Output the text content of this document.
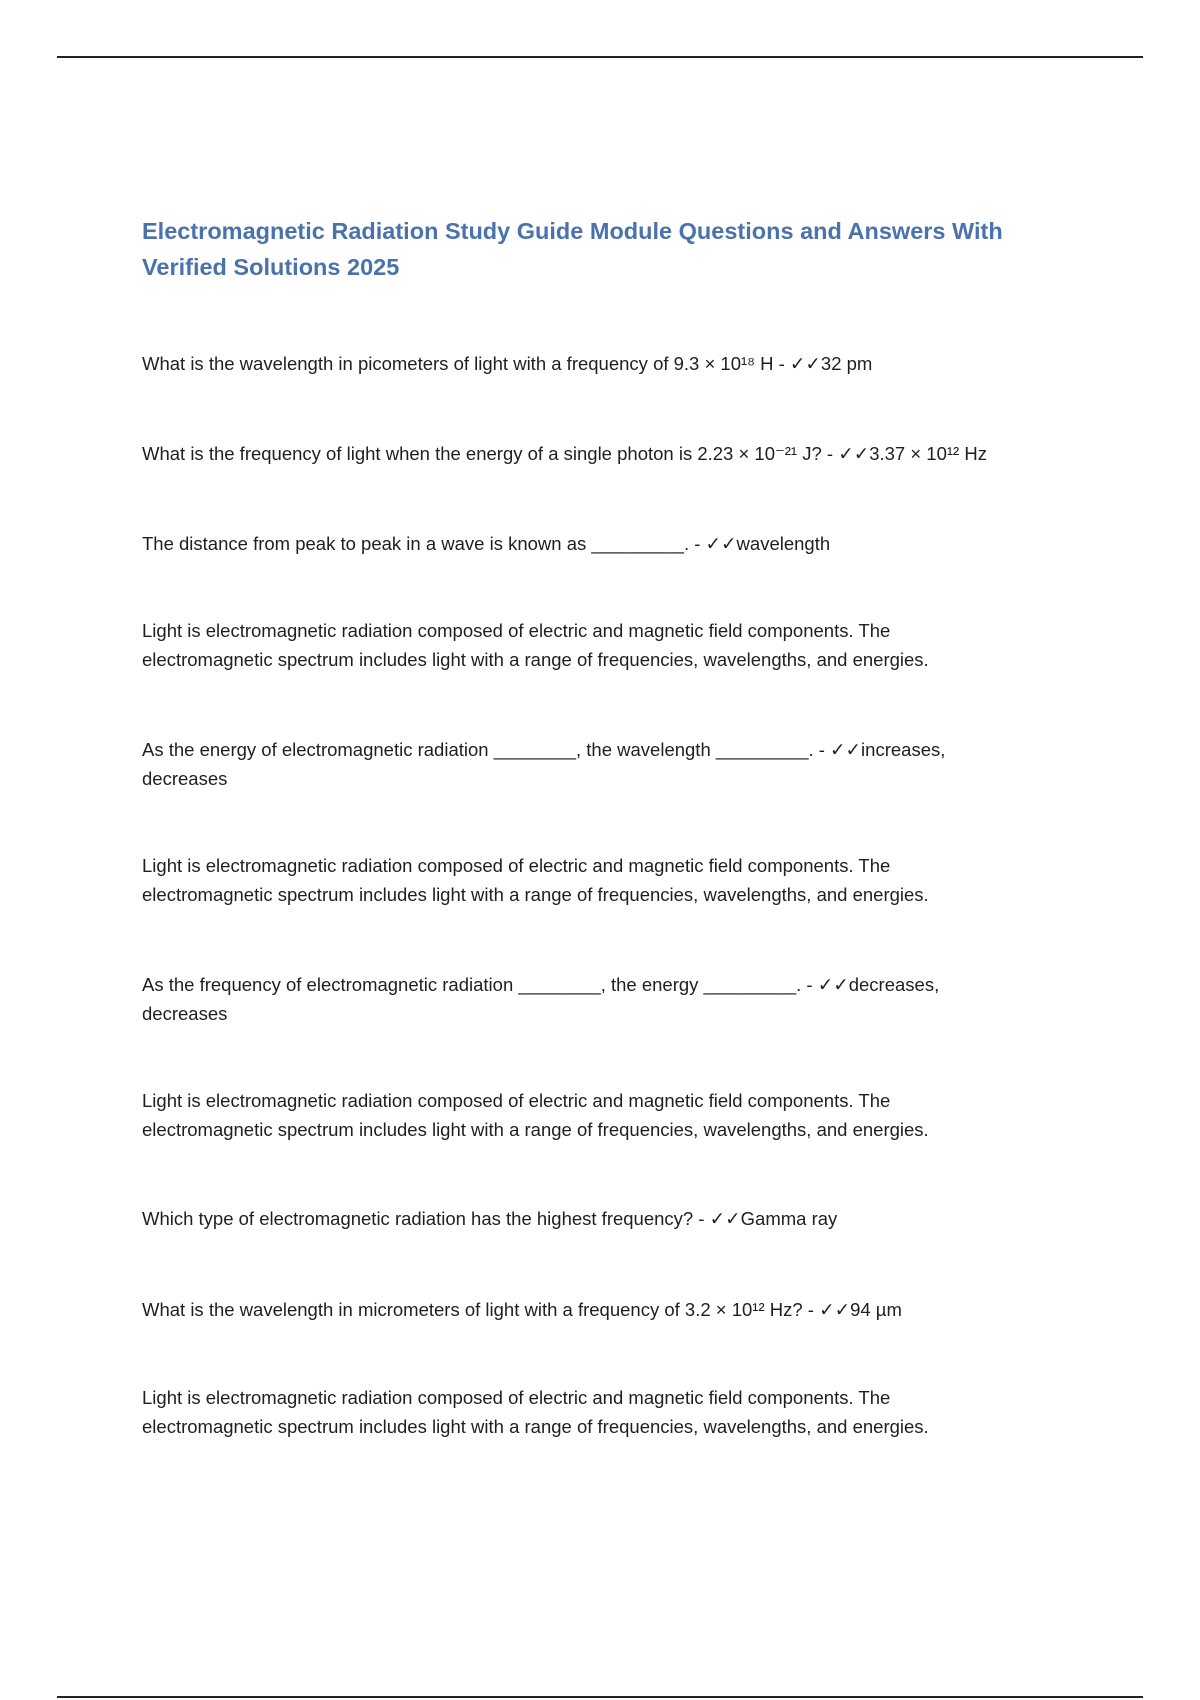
Electromagnetic Radiation Study Guide Module Questions and Answers With
Verified Solutions 2025

What is the wavelength in picometers of light with a frequency of 9.3 × 10¹⁸ H - ✓✓32 pm

What is the frequency of light when the energy of a single photon is 2.23 × 10⁻²¹ J? - ✓✓3.37 × 10¹² Hz

The distance from peak to peak in a wave is known as _________. - ✓✓wavelength

Light is electromagnetic radiation composed of electric and magnetic field components. The
electromagnetic spectrum includes light with a range of frequencies, wavelengths, and energies.

As the energy of electromagnetic radiation ________, the wavelength _________. - ✓✓increases,
decreases

Light is electromagnetic radiation composed of electric and magnetic field components. The
electromagnetic spectrum includes light with a range of frequencies, wavelengths, and energies.

As the frequency of electromagnetic radiation ________, the energy _________. - ✓✓decreases,
decreases

Light is electromagnetic radiation composed of electric and magnetic field components. The
electromagnetic spectrum includes light with a range of frequencies, wavelengths, and energies.

Which type of electromagnetic radiation has the highest frequency? - ✓✓Gamma ray

What is the wavelength in micrometers of light with a frequency of 3.2 × 10¹² Hz? - ✓✓94 µm

Light is electromagnetic radiation composed of electric and magnetic field components. The
electromagnetic spectrum includes light with a range of frequencies, wavelengths, and energies.
